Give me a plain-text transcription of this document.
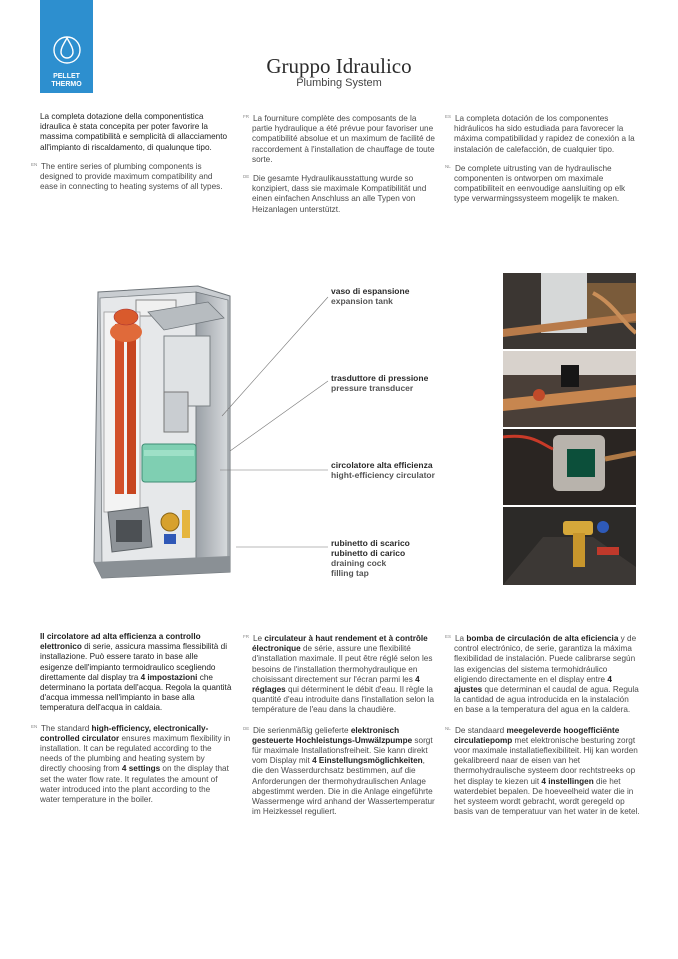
PELLET
THERMO
Gruppo Idraulico
Plumbing System

La completa dotazione della componentistica idraulica è stata concepita per poter favorire la massima compatibilità e semplicità di allacciamento all'impianto di riscaldamento, di qualunque tipo.

EN The entire series of plumbing components is designed to provide maximum compatibility and ease in connecting to heating systems of all types.

FR La fourniture complète des composants de la partie hydraulique a été prévue pour favoriser une compatibilité absolue et un maximum de facilité de raccordement à l'installation de chauffage de toute sorte.

DE Die gesamte Hydraulikausstattung wurde so konzipiert, dass sie maximale Kompatibilität und einen einfachen Anschluss an alle Typen von Heizanlagen unterstützt.

ES La completa dotación de los componentes hidráulicos ha sido estudiada para favorecer la máxima compatibilidad y rapidez de conexión a la instalación de calefacción, de cualquier tipo.

NL De complete uitrusting van de hydraulische componenten is ontworpen om maximale compatibiliteit en eenvoudige aansluiting op elk type verwarmingssysteem mogelijk te maken.

vaso di espansione
expansion tank
trasduttore di pressione
pressure transducer
circolatore alta efficienza
hight-efficiency circulator
rubinetto di scarico
rubinetto di carico
draining cock
filling tap

Il circolatore ad alta efficienza a controllo elettronico di serie, assicura massima flessibilità di installazione. Può essere tarato in base alle esigenze dell'impianto termoidraulico scegliendo direttamente dal display tra 4 impostazioni che determinano la portata dell'acqua. Regola la quantità d'acqua immessa nell'impianto in base alla temperatura dell'acqua in caldaia.

EN The standard high-efficiency, electronically-controlled circulator ensures maximum flexibility in installation. It can be regulated according to the needs of the plumbing and heating system by directly choosing from 4 settings on the display that set the water flow rate. It regulates the amount of water introduced into the plant according to the water temperature in the boiler.

FR Le circulateur à haut rendement et à contrôle électronique de série, assure une flexibilité d'installation maximale. Il peut être réglé selon les besoins de l'installation thermohydraulique en choisissant directement sur l'écran parmi les 4 réglages qui déterminent le débit d'eau. Il règle la quantité d'eau introduite dans l'installation selon la température de l'eau dans la chaudière.

DE Die serienmäßig gelieferte elektronisch gesteuerte Hochleistungs-Umwälzpumpe sorgt für maximale Installationsfreiheit. Sie kann direkt vom Display mit 4 Einstellungsmöglichkeiten, die den Wasserdurchsatz bestimmen, auf die Anforderungen der thermohydraulischen Anlage abgestimmt werden. Die in die Anlage eingeführte Wassermenge wird anhand der Wassertemperatur im Heizkessel reguliert.

ES La bomba de circulación de alta eficiencia y de control electrónico, de serie, garantiza la máxima flexibilidad de instalación. Puede calibrarse según las exigencias del sistema termohidráulico eligiendo directamente en el display entre 4 ajustes que determinan el caudal de agua. Regula la cantidad de agua introducida en la instalación en base a la temperatura del agua en la caldera.

NL De standaard meegeleverde hoogefficiënte circulatiepomp met elektronische besturing zorgt voor maximale installatieflexibiliteit. Hij kan worden gekalibreerd naar de eisen van het thermohydraulische systeem door rechtstreeks op het display te kiezen uit 4 instellingen die het waterdebiet bepalen. De hoeveelheid water die in het systeem wordt gebracht, wordt geregeld op basis van de temperatuur van het water in de ketel.
